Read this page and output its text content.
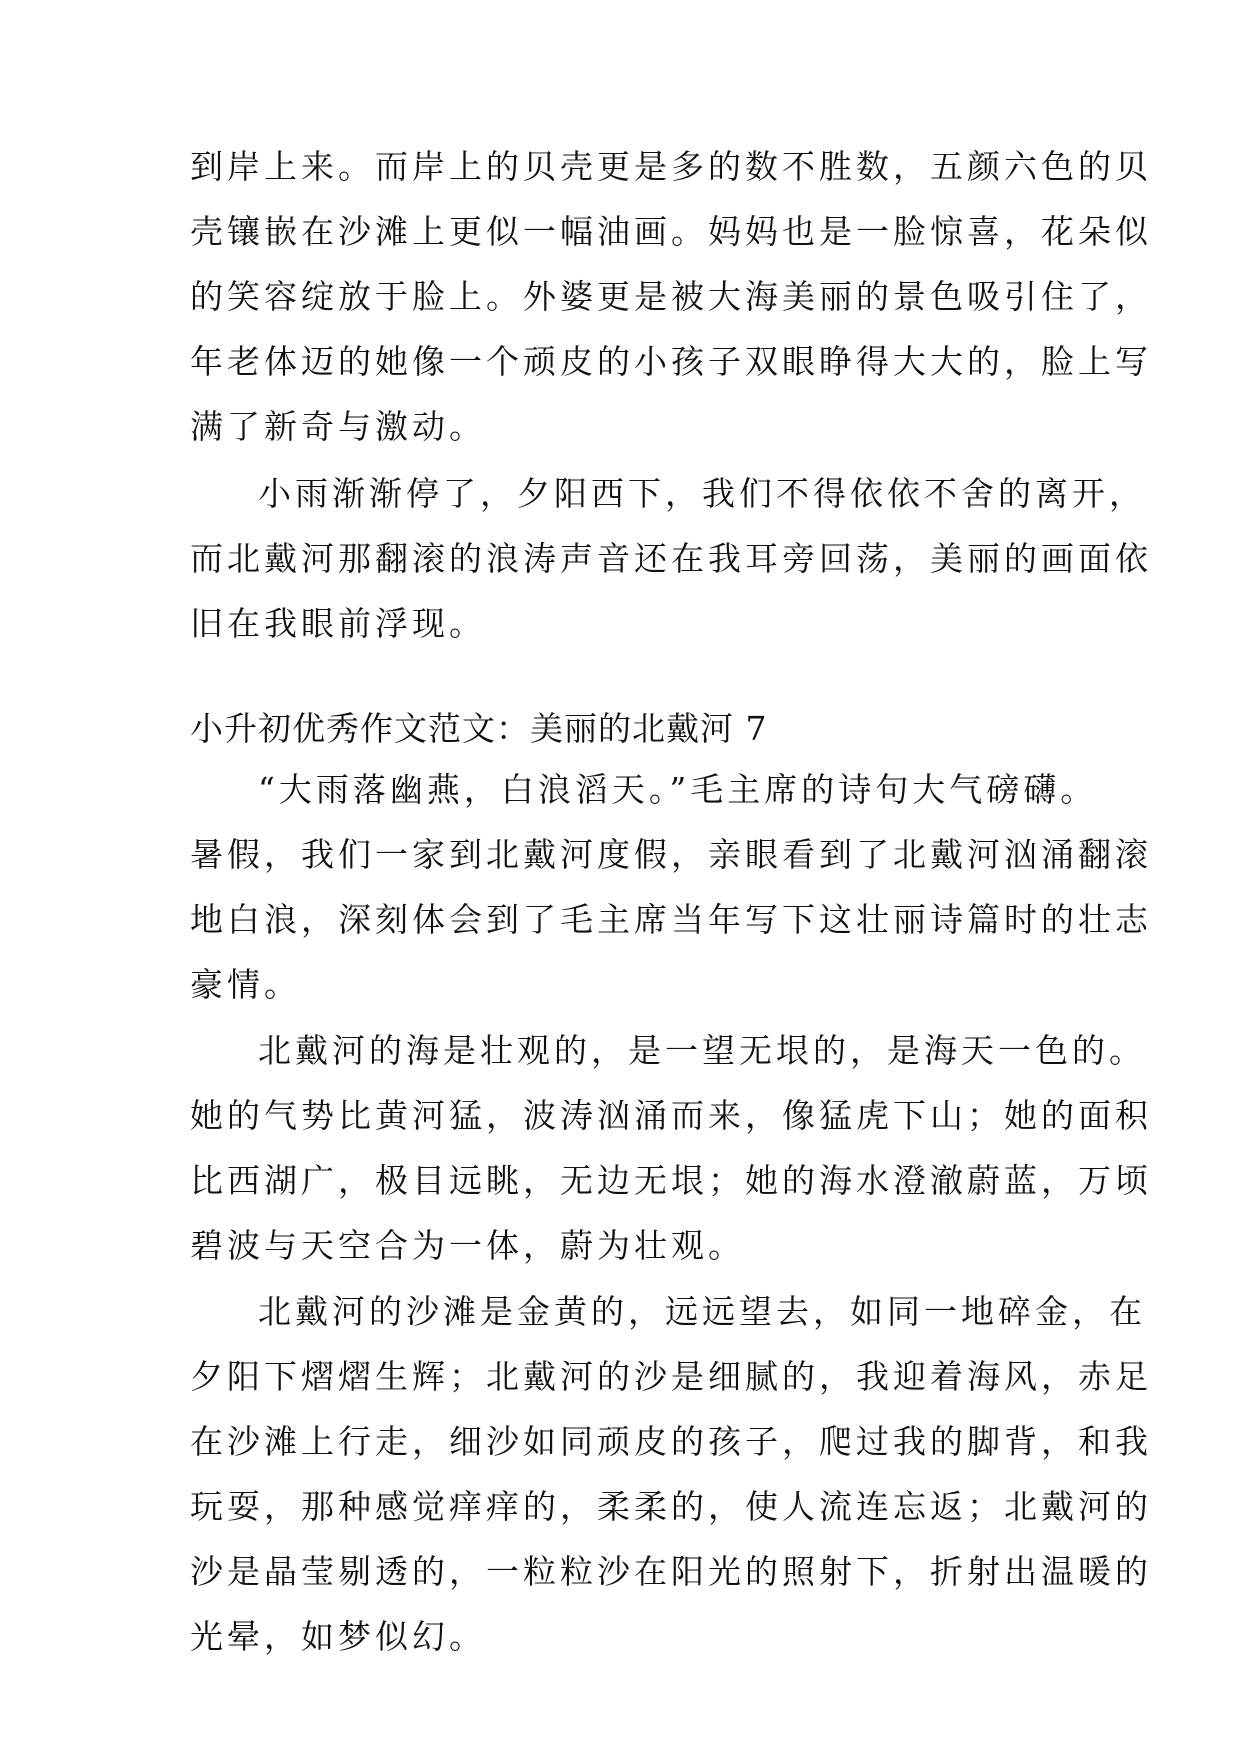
到岸上来。而岸上的贝壳更是多的数不胜数，五颜六色的贝
壳镶嵌在沙滩上更似一幅油画。妈妈也是一脸惊喜，花朵似
的笑容绽放于脸上。外婆更是被大海美丽的景色吸引住了，
年老体迈的她像一个顽皮的小孩子双眼睁得大大的，脸上写
满了新奇与激动。
小雨渐渐停了，夕阳西下，我们不得依依不舍的离开，
而北戴河那翻滚的浪涛声音还在我耳旁回荡，美丽的画面依
旧在我眼前浮现。
小升初优秀作文范文：美丽的北戴河 7
“大雨落幽燕，白浪滔天。”毛主席的诗句大气磅礴。
暑假，我们一家到北戴河度假，亲眼看到了北戴河汹涌翻滚
地白浪，深刻体会到了毛主席当年写下这壮丽诗篇时的壮志
豪情。
北戴河的海是壮观的，是一望无垠的，是海天一色的。
她的气势比黄河猛，波涛汹涌而来，像猛虎下山；她的面积
比西湖广，极目远眺，无边无垠；她的海水澄澈蔚蓝，万顷
碧波与天空合为一体，蔚为壮观。
北戴河的沙滩是金黄的，远远望去，如同一地碎金，在
夕阳下熠熠生辉；北戴河的沙是细腻的，我迎着海风，赤足
在沙滩上行走，细沙如同顽皮的孩子，爬过我的脚背，和我
玩耍，那种感觉痒痒的，柔柔的，使人流连忘返；北戴河的
沙是晶莹剔透的，一粒粒沙在阳光的照射下，折射出温暖的
光晕，如梦似幻。
